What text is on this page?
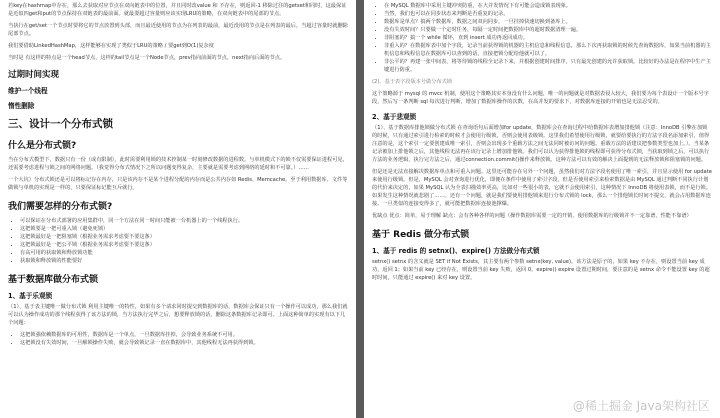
若key在hashmap中存在，那么去获取对应节点在双向链表中的位置，并且同时改value 和 不存在，则返回-1 移除过往的getset和同时，这最保证是近似四get和put的节点保持在双链表的最前面。就最要超过容量则应该实现LRU的策略，在双向链表中的尾部的节点。

当执行在get/set一个节点时要将它的节点放置到头部，而且最近使用的节点为在列表的最前，最近没用的节点是在列表的最后，当超过容量时就删除尾部节点。

我们要借助LinkedHashMap，这样能够在实现了类似于LRU的策略 / 要get到O(1)复杂度

当时是 有这样的特点是一个head节点，这样的tail节点是一个Node节点，prev指向前面的节点，next指向后面的节点。

过期时间实现
维护一个线程
惰性删除
三、设计一个分布式锁
什么是分布式锁?

当在分布式模型下，数据只有一份（或有限制），此时需要利用锁的技术控制某一时刻修改数据的进程数。与单机模式下的锁不仅需要保证进程可见，还需要考虑进程与锁之间的网络问题。（我觉得分布式情况下之所以问题变得复杂，主要就是需要考虑到网络的延时和不可靠。）……

一个大坑）分布式锁还是可以将标记存在内存，只是该内存不是某个进程分配的内存而是公共内存如 Redis、Memcache。至于利用数据库、文件等做锁与单机的实现是一样的，只要保证标记能互斥就行。

我们需要怎样的分布式锁?
• 可以保证在分布式部署的应用集群中，同一个方法在同一时间只能被一台机器上的一个线程执行。
• 这把锁要是一把可重入锁（避免死锁）
• 这把锁最好是一把阻塞锁（根据业务需求考虑要不要这条）
• 这把锁最好是一把公平锁（根据业务需求考虑要不要这条）
• 有高可用的获取锁和释放锁功能
• 获取锁和释放锁的性能要好
基于数据库做分布式锁
1、基于乐观锁

（1）、基于表主键唯一做分布式锁 利用主键唯一的特性，如果有多个请求同时提交到数据库的话，数据库会保证只有一个操作可以成功，那么我们就可以认为操作成功的那个线程获得了该方法的锁，当方法执行完毕之后，想要释放锁的话，删除这条数据库记录即可。上面这种简单的实现有以下几个问题：

• 这把锁强依赖数据库的可用性，数据库是一个单点，一旦数据库挂掉，会导致业务系统不可用。
• 这把锁没有失效时间，一旦解锁操作失败，就会导致锁记录一直在数据库中，其他线程无法再获得到锁。
• 在 MySQL 数据库中采用主键冲突防重，在大并发情况下有可能会造成锁表现象。
• 当然，我们也可以在同步状态来判断是否重复的记录。
• 数据库是单点？搞两个数据库，数据之间双向同步，一旦挂掉快速切换到备库上。
• 没有失效时间？只要做一个定时任务，每隔一定时间把数据库中的超时数据清理一遍。
• 非阻塞的？搞一个 while 循环，直到 insert 成功再返回成功。
• 非重入的？在数据库表中加个字段，记录当前获得锁的机器的主机信息和线程信息，那么下次再获取锁的时候先查询数据库，如果当前机器的主机信息和线程信息在数据库可以查到的话，直接把锁分配给他就可以了。
• 非公平的？再建一张中间表，将等待锁的线程全记录下来，并根据创建时间排序，只有最先创建的允许获取锁。比较好的办法是在程序中生产主键进行防重。

(2)、基于表字段版本号做分布式锁

这个策略源于 mysql 的 mvcc 机制，使用这个策略其实本身没有什么问题，唯一的问题就是对数据表侵入较大，我们要为每个表设计一个版本号字段，然后写一条判断 sql 每次进行判断，增加了数据库操作的次数，在高并发的要求下，对数据库连接的开销也是无法忍受的。

2、基于悲观锁

（1）、基于数据库排他锁做分布式锁 在查询语句后面增加for update，数据库会在查询过程中给数据库表增加排他锁（注意：InnoDB 引擎在加锁的时候，只有通过索引进行检索的时候才会使用行级锁，否则会使用表级锁。这里我们希望使用行级锁，就要给要执行的方法字段名添加索引，值得注意的是，这个索引一定要创建成唯一索引，否则会出现多个重载方法之间无法同时被访问的问题。重载方法的话建议把参数类型也加上。）。当某条记录被加上排他锁之后，其他线程无法再在该行记录上增加排他锁。我们可以认为获得排他锁的线程即可获得分布式锁，当获取到锁之后，可以执行方法的业务逻辑，执行完方法之后，通过connection.commit()操作来释放锁。这种方法可以有效的解决上面提到的无法释放锁和阻塞锁的问题。

但是还是无法直接解决数据库单点和可重入问题。这里还可能存在另外一个问题，虽然我们对方法字段名使用了唯一索引，并且显示使用 for update 来使用行级锁。但是，MySQL 会对查询进行优化，即便在条件中使用了索引字段，但是否使用索引来检索数据是由 MySQL 通过判断不同执行计划的代价来决定的，如果 MySQL 认为全表扫描效率更高，比如对一些很小的表，它就不会使用索引，这种情况下 InnoDB 将使用表锁，而不是行锁。如果发生这种情况就悲剧了……。还有一个问题，就是我们要使用排他锁来进行分布式锁的 lock，那么一个排他锁长时间不提交，就会占用数据库连接。一旦类似的连接变得多了，就可能把数据库连接池撑爆。

优缺点 优点：简单，易于理解 缺点：会有各种各样的问题（操作数据库需要一定的开销，使用数据库的行级锁并不一定靠谱，性能不靠谱）

基于 Redis 做分布式锁
1、基于 redis 的 setnx()、expire() 方法做分布式锁

setnx() setnx 的含义就是 SET if Not Exists，其主要有两个参数 setnx(key, value)。该方法是原子的，如果 key 不存在，则设置当前 key 成功，返回 1；如果当前 key 已经存在，则设置当前 key 失败，返回 0。expire() expire 设置过期时间，要注意的是 setnx 命令不能设置 key 的超时时间，只能通过 expire() 来对 key 设置。

@稀土掘金 Java架构社区
